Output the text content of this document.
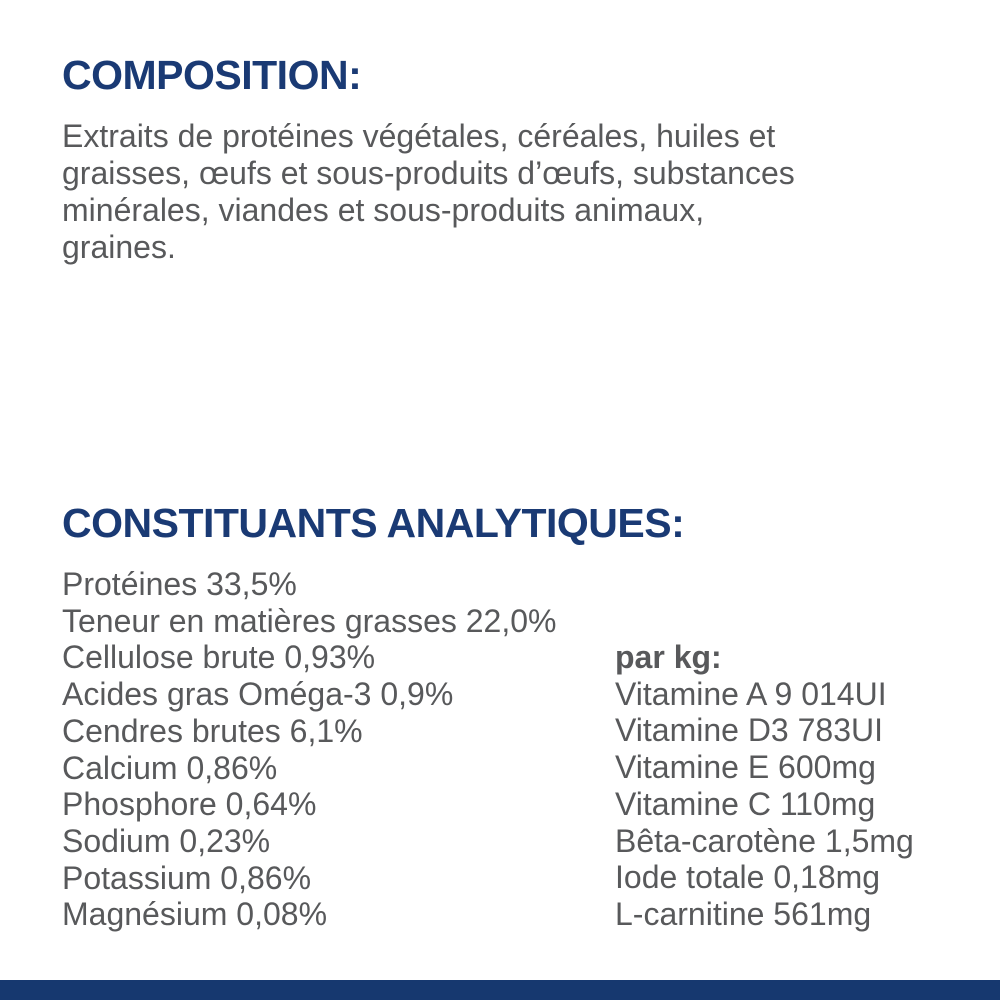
COMPOSITION:
Extraits de protéines végétales, céréales, huiles et
graisses, œufs et sous-produits d’œufs, substances
minérales, viandes et sous-produits animaux,
graines.
CONSTITUANTS ANALYTIQUES:
Protéines 33,5%
Teneur en matières grasses 22,0%
Cellulose brute 0,93%
Acides gras Oméga-3 0,9%
Cendres brutes 6,1%
Calcium 0,86%
Phosphore 0,64%
Sodium 0,23%
Potassium 0,86%
Magnésium 0,08%
par kg:
Vitamine A 9 014UI
Vitamine D3 783UI
Vitamine E 600mg
Vitamine C 110mg
Bêta-carotène 1,5mg
Iode totale 0,18mg
L-carnitine 561mg
